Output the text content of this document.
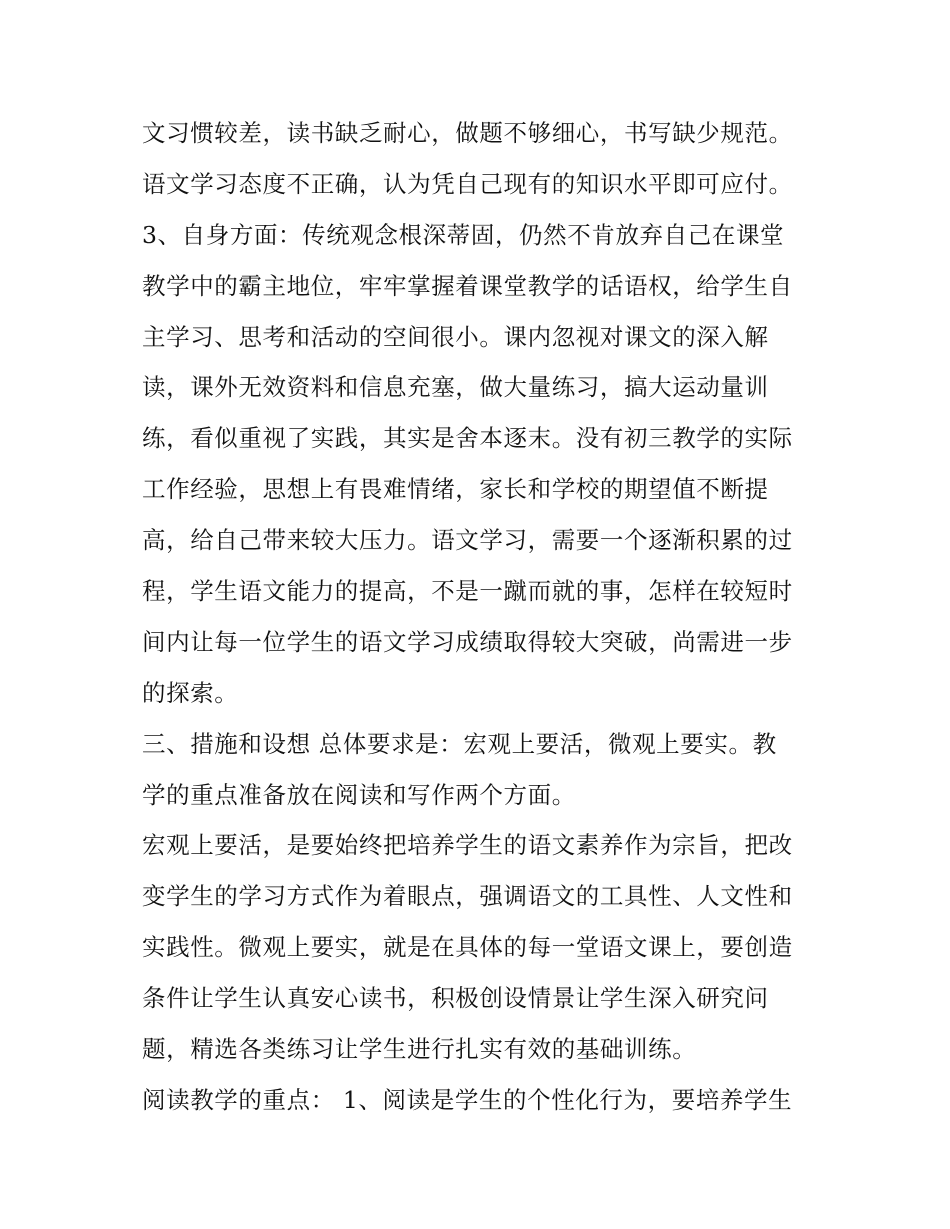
文习惯较差，读书缺乏耐心，做题不够细心，书写缺少规范。
语文学习态度不正确，认为凭自己现有的知识水平即可应付。
3、自身方面：传统观念根深蒂固，仍然不肯放弃自己在课堂
教学中的霸主地位，牢牢掌握着课堂教学的话语权，给学生自
主学习、思考和活动的空间很小。课内忽视对课文的深入解
读，课外无效资料和信息充塞，做大量练习，搞大运动量训
练，看似重视了实践，其实是舍本逐末。没有初三教学的实际
工作经验，思想上有畏难情绪，家长和学校的期望值不断提
高，给自己带来较大压力。语文学习，需要一个逐渐积累的过
程，学生语文能力的提高，不是一蹴而就的事，怎样在较短时
间内让每一位学生的语文学习成绩取得较大突破，尚需进一步
的探索。
三、措施和设想 总体要求是：宏观上要活，微观上要实。教
学的重点准备放在阅读和写作两个方面。
宏观上要活，是要始终把培养学生的语文素养作为宗旨，把改
变学生的学习方式作为着眼点，强调语文的工具性、人文性和
实践性。微观上要实，就是在具体的每一堂语文课上，要创造
条件让学生认真安心读书，积极创设情景让学生深入研究问
题，精选各类练习让学生进行扎实有效的基础训练。
阅读教学的重点： 1、阅读是学生的个性化行为，要培养学生
